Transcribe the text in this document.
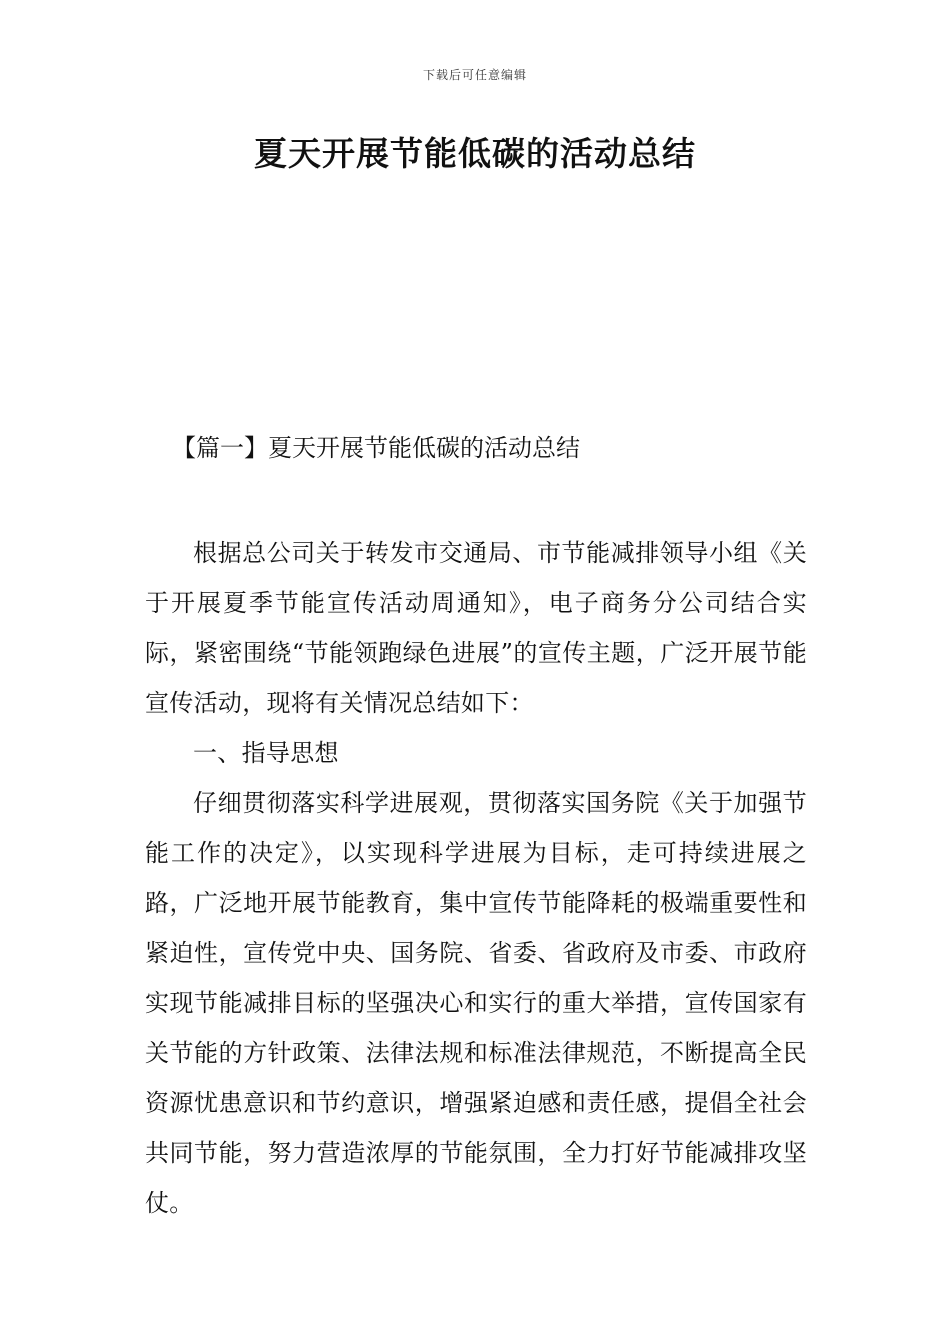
下载后可任意编辑
夏天开展节能低碳的活动总结
【篇一】夏天开展节能低碳的活动总结

根据总公司关于转发市交通局、市节能减排领导小组《关于开展夏季节能宣传活动周通知》，电子商务分公司结合实际，紧密围绕“节能领跑绿色进展”的宣传主题，广泛开展节能宣传活动，现将有关情况总结如下：

一、指导思想

仔细贯彻落实科学进展观，贯彻落实国务院《关于加强节能工作的决定》，以实现科学进展为目标，走可持续进展之路，广泛地开展节能教育，集中宣传节能降耗的极端重要性和紧迫性，宣传党中央、国务院、省委、省政府及市委、市政府实现节能减排目标的坚强决心和实行的重大举措，宣传国家有关节能的方针政策、法律法规和标准法律规范，不断提高全民资源忧患意识和节约意识，增强紧迫感和责任感，提倡全社会共同节能，努力营造浓厚的节能氛围，全力打好节能减排攻坚仗。
